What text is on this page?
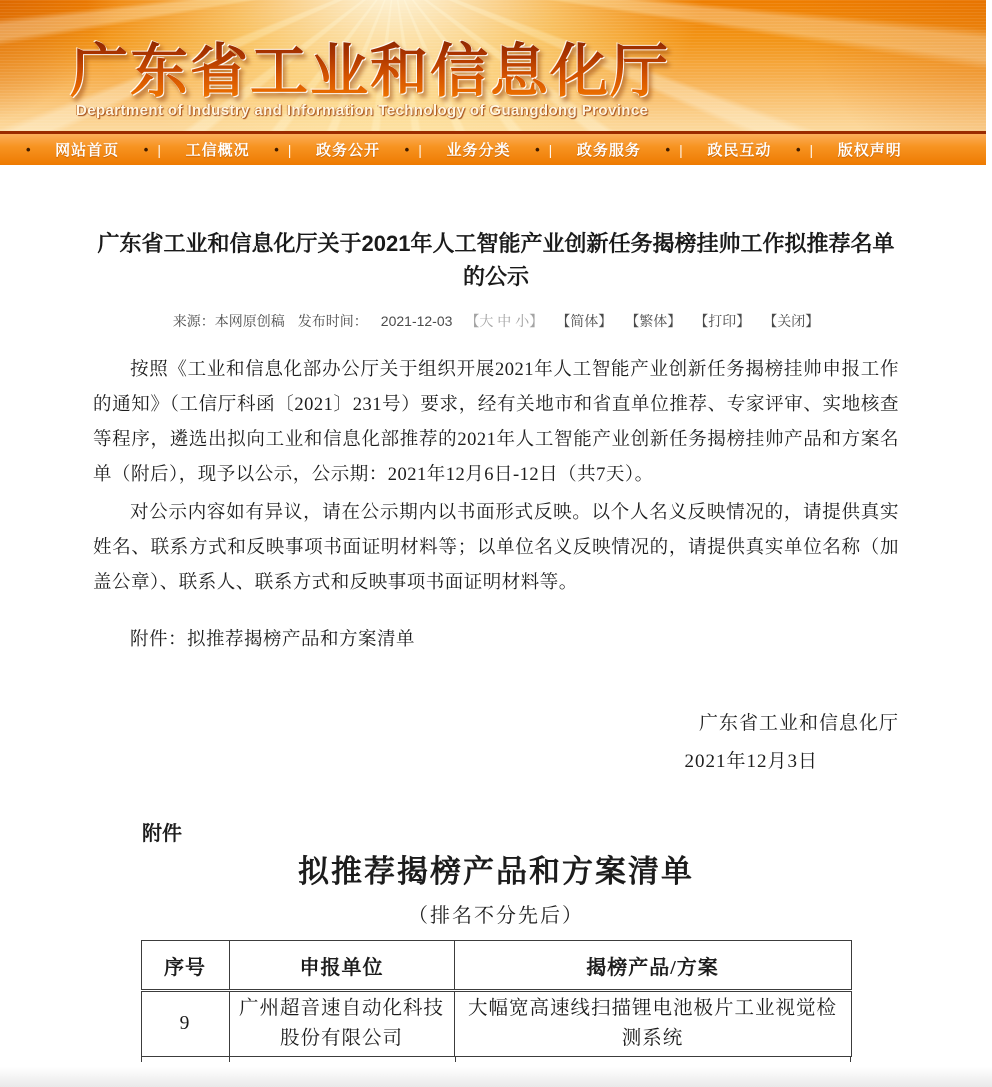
广东省工业和信息化厅
Department of Industry and Information Technology of Guangdong Province
• 网站首页 • | 工信概况 • | 政务公开 • | 业务分类 • | 政务服务 • | 政民互动 • | 版权声明
广东省工业和信息化厅关于2021年人工智能产业创新任务揭榜挂帅工作拟推荐名单的公示
来源：本网原创稿 发布时间： 2021-12-03 【大 中 小】 【简体】 【繁体】 【打印】 【关闭】

按照《工业和信息化部办公厅关于组织开展2021年人工智能产业创新任务揭榜挂帅申报工作的通知》（工信厅科函〔2021〕231号）要求，经有关地市和省直单位推荐、专家评审、实地核查等程序，遴选出拟向工业和信息化部推荐的2021年人工智能产业创新任务揭榜挂帅产品和方案名单（附后），现予以公示，公示期：2021年12月6日-12日（共7天）。

对公示内容如有异议，请在公示期内以书面形式反映。以个人名义反映情况的，请提供真实姓名、联系方式和反映事项书面证明材料等；以单位名义反映情况的，请提供真实单位名称（加盖公章）、联系人、联系方式和反映事项书面证明材料等。

附件：拟推荐揭榜产品和方案清单

广东省工业和信息化厅
2021年12月3日
附件
拟推荐揭榜产品和方案清单
（排名不分先后）
序号	申报单位	揭榜产品/方案
9	广州超音速自动化科技股份有限公司	大幅宽高速线扫描锂电池极片工业视觉检测系统
